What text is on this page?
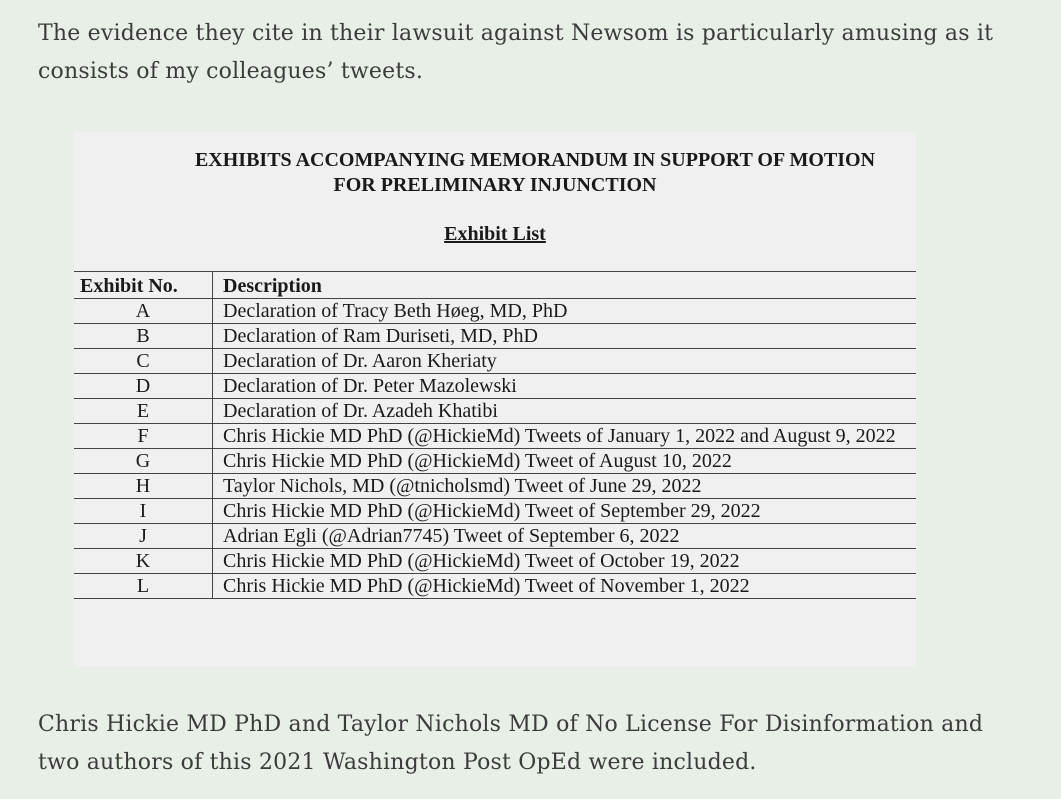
The evidence they cite in their lawsuit against Newsom is particularly amusing as it consists of my colleagues’ tweets.

EXHIBITS ACCOMPANYING MEMORANDUM IN SUPPORT OF MOTION
FOR PRELIMINARY INJUNCTION
Exhibit List
Exhibit No.	Description
A	Declaration of Tracy Beth Høeg, MD, PhD
B	Declaration of Ram Duriseti, MD, PhD
C	Declaration of Dr. Aaron Kheriaty
D	Declaration of Dr. Peter Mazolewski
E	Declaration of Dr. Azadeh Khatibi
F	Chris Hickie MD PhD (@HickieMd) Tweets of January 1, 2022 and August 9, 2022
G	Chris Hickie MD PhD (@HickieMd) Tweet of August 10, 2022
H	Taylor Nichols, MD (@tnicholsmd) Tweet of June 29, 2022
I	Chris Hickie MD PhD (@HickieMd) Tweet of September 29, 2022
J	Adrian Egli (@Adrian7745) Tweet of September 6, 2022
K	Chris Hickie MD PhD (@HickieMd) Tweet of October 19, 2022
L	Chris Hickie MD PhD (@HickieMd) Tweet of November 1, 2022

Chris Hickie MD PhD and Taylor Nichols MD of No License For Disinformation and two authors of this 2021 Washington Post OpEd were included.
